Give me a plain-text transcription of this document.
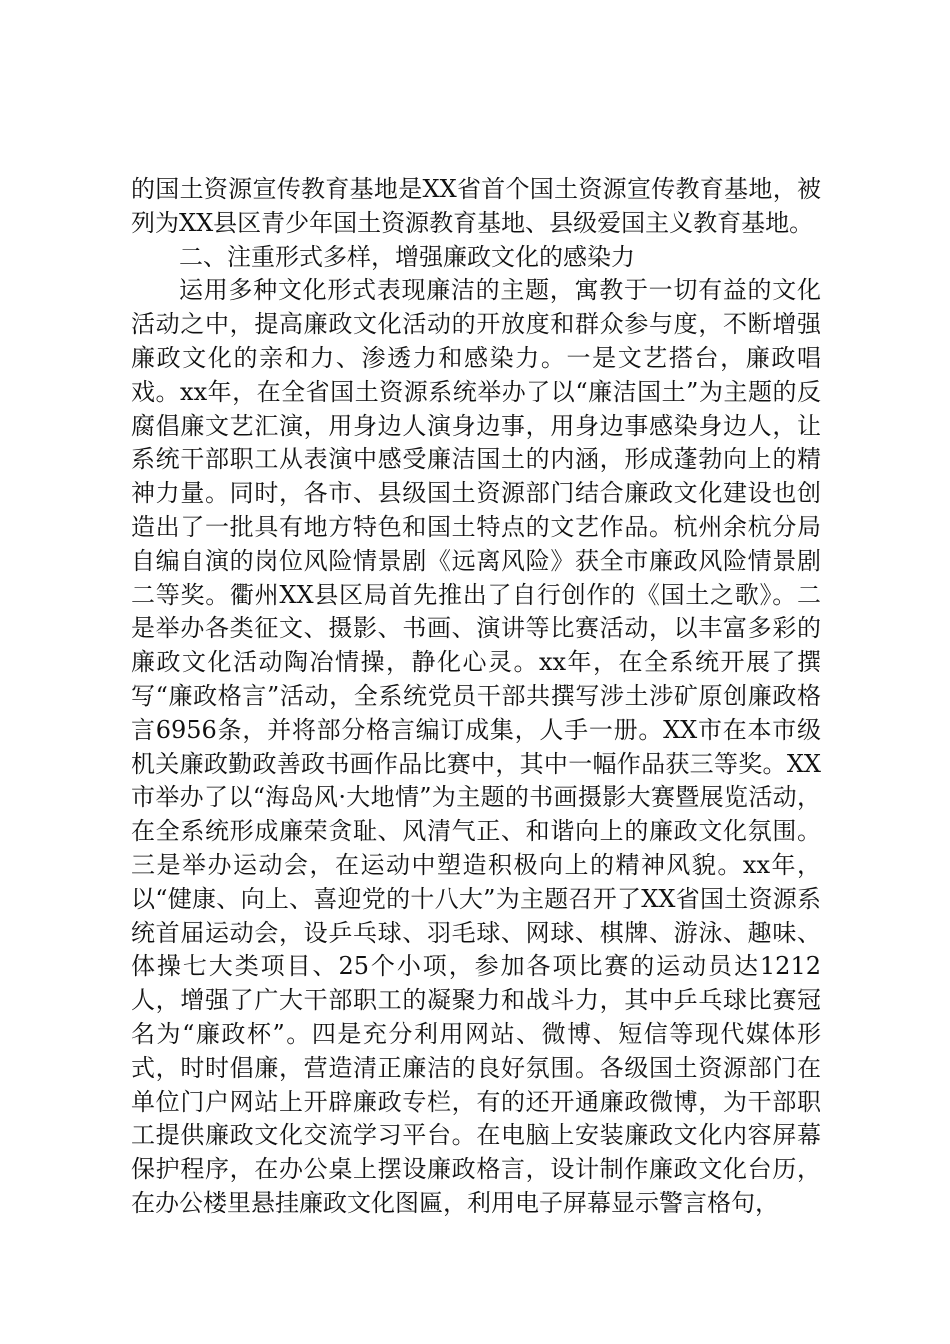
的国土资源宣传教育基地是XX省首个国土资源宣传教育基地，被列为XX县区青少年国土资源教育基地、县级爱国主义教育基地。

二、注重形式多样，增强廉政文化的感染力

运用多种文化形式表现廉洁的主题，寓教于一切有益的文化活动之中，提高廉政文化活动的开放度和群众参与度，不断增强廉政文化的亲和力、渗透力和感染力。一是文艺搭台，廉政唱戏。xx年，在全省国土资源系统举办了以“廉洁国土”为主题的反腐倡廉文艺汇演，用身边人演身边事，用身边事感染身边人，让系统干部职工从表演中感受廉洁国土的内涵，形成蓬勃向上的精神力量。同时，各市、县级国土资源部门结合廉政文化建设也创造出了一批具有地方特色和国土特点的文艺作品。杭州余杭分局自编自演的岗位风险情景剧《远离风险》获全市廉政风险情景剧二等奖。衢州XX县区局首先推出了自行创作的《国土之歌》。二是举办各类征文、摄影、书画、演讲等比赛活动，以丰富多彩的廉政文化活动陶冶情操，静化心灵。xx年，在全系统开展了撰写“廉政格言”活动，全系统党员干部共撰写涉土涉矿原创廉政格言6956条，并将部分格言编订成集，人手一册。XX市在本市级机关廉政勤政善政书画作品比赛中，其中一幅作品获三等奖。XX市举办了以“海岛风·大地情”为主题的书画摄影大赛暨展览活动，在全系统形成廉荣贪耻、风清气正、和谐向上的廉政文化氛围。三是举办运动会，在运动中塑造积极向上的精神风貌。xx年，以“健康、向上、喜迎党的十八大”为主题召开了XX省国土资源系统首届运动会，设乒乓球、羽毛球、网球、棋牌、游泳、趣味、体操七大类项目、25个小项，参加各项比赛的运动员达1212人，增强了广大干部职工的凝聚力和战斗力，其中乒乓球比赛冠名为“廉政杯”。四是充分利用网站、微博、短信等现代媒体形式，时时倡廉，营造清正廉洁的良好氛围。各级国土资源部门在单位门户网站上开辟廉政专栏，有的还开通廉政微博，为干部职工提供廉政文化交流学习平台。在电脑上安装廉政文化内容屏幕保护程序，在办公桌上摆设廉政格言，设计制作廉政文化台历，在办公楼里悬挂廉政文化图匾，利用电子屏幕显示警言格句，
